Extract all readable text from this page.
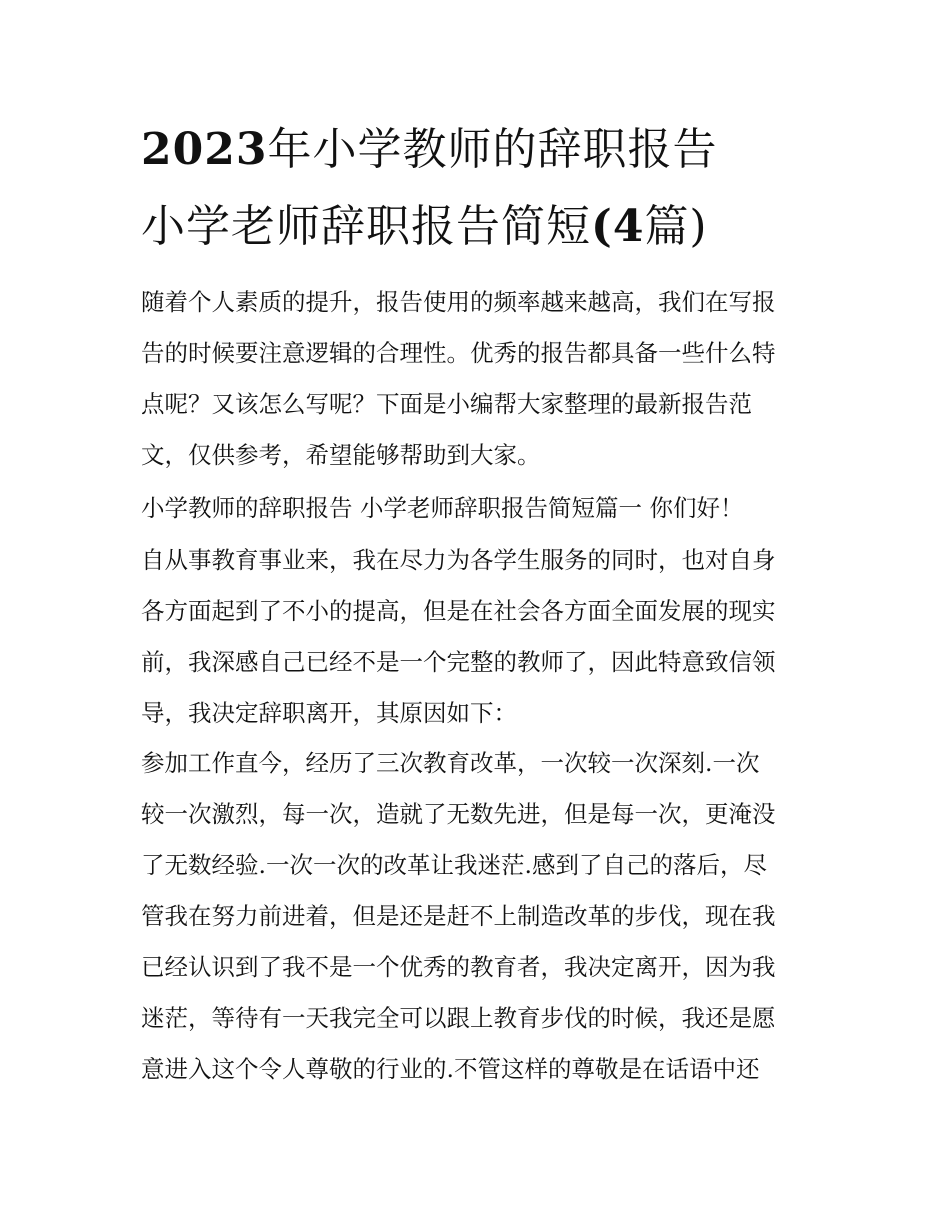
2023年小学教师的辞职报告
小学老师辞职报告简短(4篇)
随着个人素质的提升，报告使用的频率越来越高，我们在写报
告的时候要注意逻辑的合理性。优秀的报告都具备一些什么特
点呢？又该怎么写呢？下面是小编帮大家整理的最新报告范
文，仅供参考，希望能够帮助到大家。
小学教师的辞职报告 小学老师辞职报告简短篇一 你们好！
自从事教育事业来，我在尽力为各学生服务的同时，也对自身
各方面起到了不小的提高，但是在社会各方面全面发展的现实
前，我深感自己已经不是一个完整的教师了，因此特意致信领
导，我决定辞职离开，其原因如下：
参加工作直今，经历了三次教育改革，一次较一次深刻.一次
较一次激烈，每一次，造就了无数先进，但是每一次，更淹没
了无数经验.一次一次的改革让我迷茫.感到了自己的落后，尽
管我在努力前进着，但是还是赶不上制造改革的步伐，现在我
已经认识到了我不是一个优秀的教育者，我决定离开，因为我
迷茫，等待有一天我完全可以跟上教育步伐的时候，我还是愿
意进入这个令人尊敬的行业的.不管这样的尊敬是在话语中还
